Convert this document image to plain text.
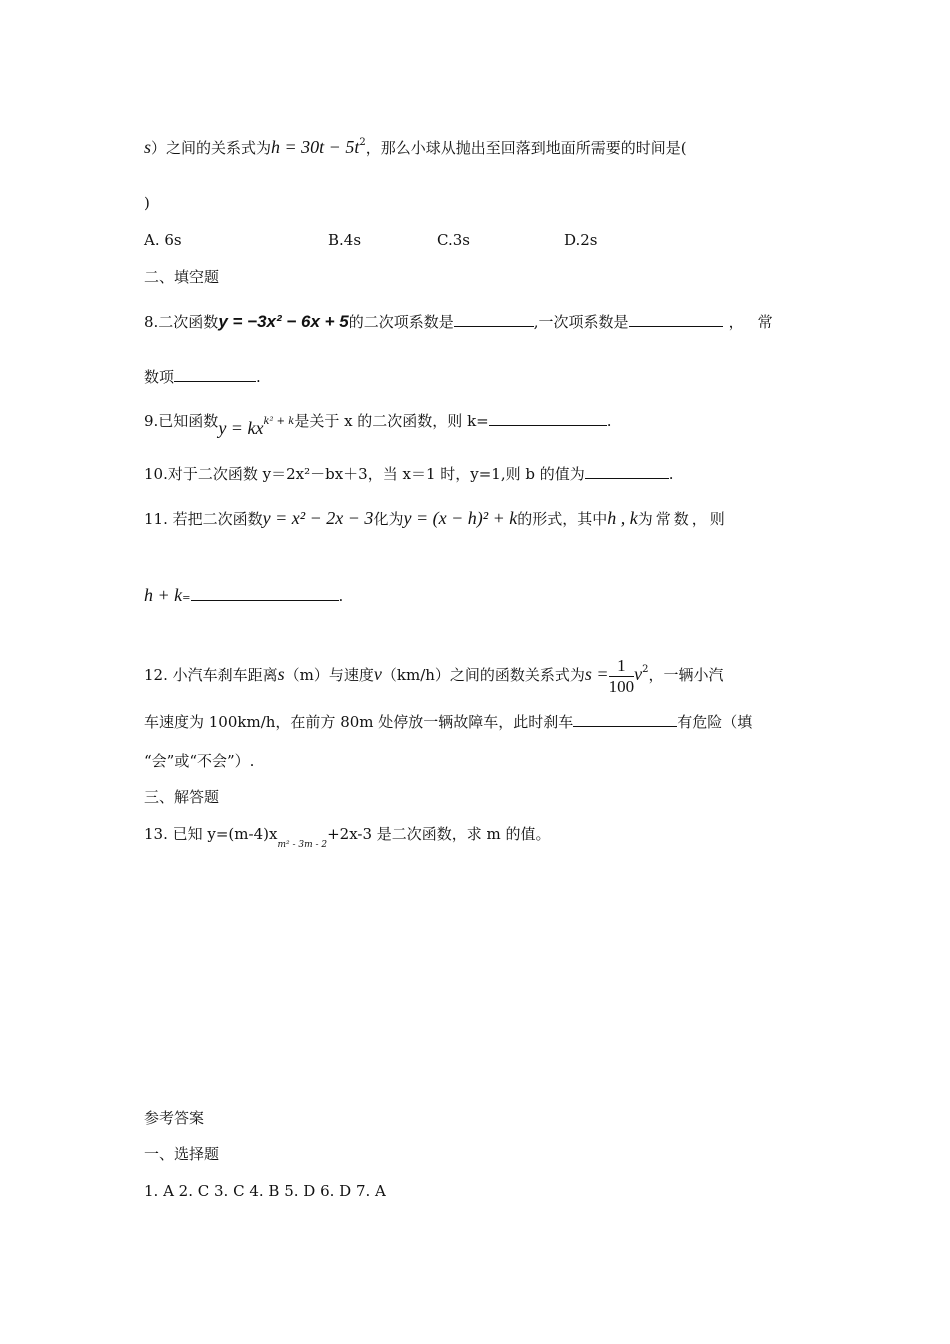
s）之间的关系式为$h = 30t - 5t^2$，那么小球从抛出至回落到地面所需要的时间是(
)
A. 6s	B.4s	C.3s	D.2s
二、填空题
8.二次函数y = −3x² − 6x + 5的二次项系数是	,一次项系数是	，常
数项	.
9.已知函数$y = kx^{k^2 + k}$是关于 x 的二次函数，则 k=	.
10.对于二次函数 y＝2x²－bx＋3，当 x＝1 时，y=1,则 b 的值为	.
11. 若把二次函数y = x² − 2x − 3化为y = (x − h)² + k的形式，其中h , k为常数，则
h + k=	.
12. 小汽车刹车距离s（m）与速度v（km/h）之间的函数关系式为$s = \frac{1}{100} v^2$，一辆小汽
车速度为 100km/h，在前方 80m 处停放一辆故障车，此时刹车	有危险（填
“会”或“不会”）.
三、解答题
13. 已知 $y=(m-4)x_{m^2 - 3m - 2}+2x-3$ 是二次函数，求 m 的值。
参考答案
一、选择题
1. A 2. C 3. C 4. B 5. D 6. D 7. A
